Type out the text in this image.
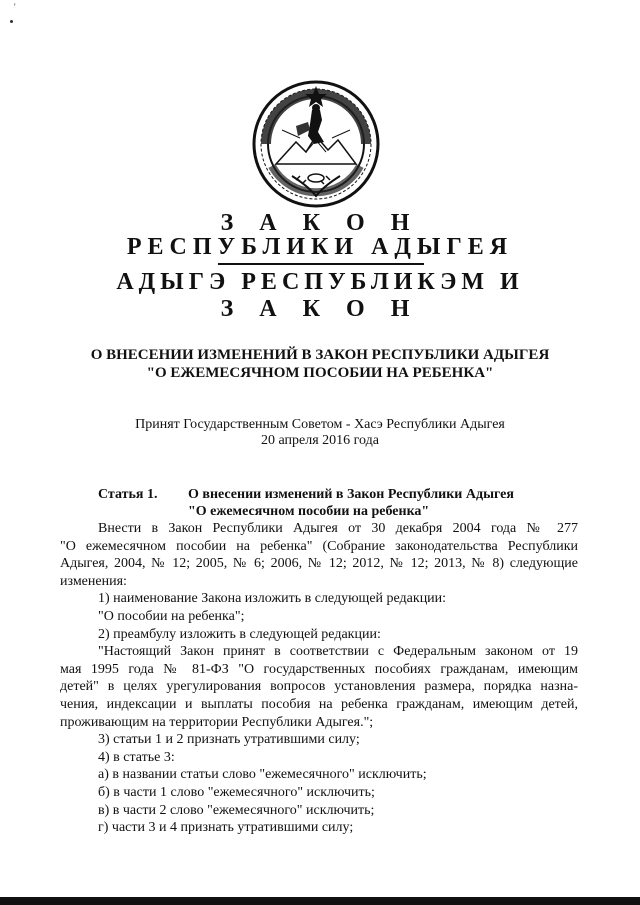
'
З А К О Н
РЕСПУБЛИКИ АДЫГЕЯ
АДЫГЭ РЕСПУБЛИКЭМ И
З А К О Н
О ВНЕСЕНИИ ИЗМЕНЕНИЙ В ЗАКОН РЕСПУБЛИКИ АДЫГЕЯ
"О ЕЖЕМЕСЯЧНОМ ПОСОБИИ НА РЕБЕНКА"
Принят Государственным Советом - Хасэ Республики Адыгея
20 апреля 2016 года
Статья 1. О внесении изменений в Закон Республики Адыгея
"О ежемесячном пособии на ребенка"

Внести в Закон Республики Адыгея от 30 декабря 2004 года № 277

"О ежемесячном пособии на ребенка" (Собрание законодательства Республики

Адыгея, 2004, № 12; 2005, № 6; 2006, № 12; 2012, № 12; 2013, № 8) следующие

изменения:

1) наименование Закона изложить в следующей редакции:

"О пособии на ребенка";

2) преамбулу изложить в следующей редакции:

"Настоящий Закон принят в соответствии с Федеральным законом от 19

мая 1995 года № 81-ФЗ "О государственных пособиях гражданам, имеющим

детей" в целях урегулирования вопросов установления размера, порядка назна-

чения, индексации и выплаты пособия на ребенка гражданам, имеющим детей,

проживающим на территории Республики Адыгея.";

3) статьи 1 и 2 признать утратившими силу;

4) в статье 3:

а) в названии статьи слово "ежемесячного" исключить;

б) в части 1 слово "ежемесячного" исключить;

в) в части 2 слово "ежемесячного" исключить;

г) части 3 и 4 признать утратившими силу;
